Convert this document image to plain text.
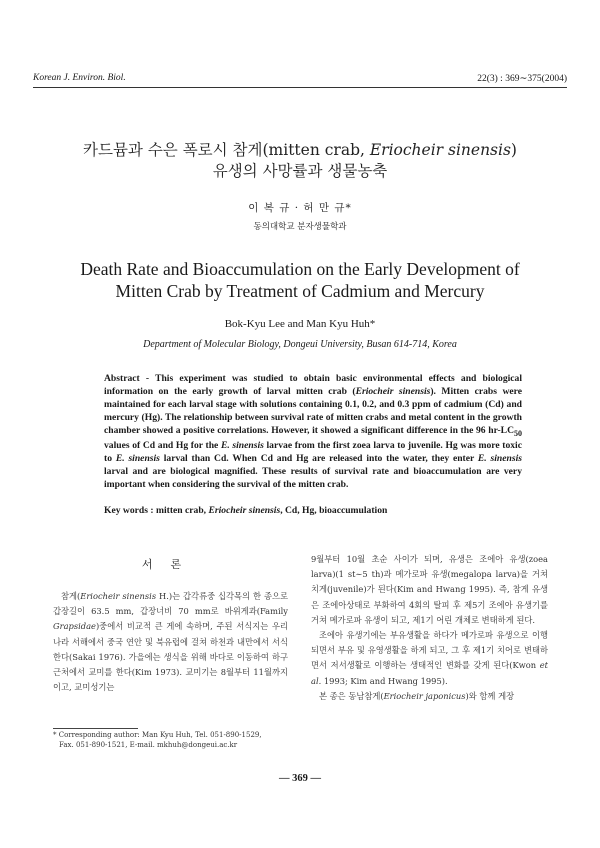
Korean J. Environ. Biol.	22(3) : 369∼375(2004)
카드뮴과 수은 폭로시 참게(mitten crab, Eriocheir sinensis)
유생의 사망률과 생물농축
이 복 규 · 허 만 규*
동의대학교 분자생물학과
Death Rate and Bioaccumulation on the Early Development of
Mitten Crab by Treatment of Cadmium and Mercury
Bok-Kyu Lee and Man Kyu Huh*
Department of Molecular Biology, Dongeui University, Busan 614-714, Korea
Abstract - This experiment was studied to obtain basic environmental effects and biological information on the early growth of larval mitten crab (Eriocheir sinensis). Mitten crabs were maintained for each larval stage with solutions containing 0.1, 0.2, and 0.3 ppm of cadmium (Cd) and mercury (Hg). The relationship between survival rate of mitten crabs and metal content in the growth chamber showed a positive correlations. However, it showed a significant difference in the 96 $hr-LC_{50}$ values of Cd and Hg for the E. sinensis larvae from the first zoea larva to juvenile. Hg was more toxic to E. sinensis larval than Cd. When Cd and Hg are released into the water, they enter E. sinensis larval and are biological magnified. These results of survival rate and bioaccumulation are very important when considering the survival of the mitten crab.
Key words : mitten crab, Eriocheir sinensis, Cd, Hg, bioaccumulation
서론

참게(Eriocheir sinensis H.)는 갑각류중 십각목의 한 종으로 갑장길이 63.5 mm, 갑장너비 70 mm로 바위게과(Family Grapsidae)중에서 비교적 큰 게에 속하며, 주된 서식지는 우리나라 서해에서 중국 연안 및 북유럽에 걸쳐 하천과 내만에서 서식한다(Sakai 1976). 가을에는 생식을 위해 바다로 이동하여 하구 근처에서 교미를 한다(Kim 1973). 교미기는 8월부터 11월까지이고, 교미성기는

9월부터 10월 초순 사이가 되며, 유생은 조에아 유생(zoea larva)(1 st∼5 th)과 메가로파 유생(megalopa larva)을 거쳐 치게(juvenile)가 된다(Kim and Hwang 1995). 즉, 참게 유생은 조에아상태로 부화하여 4회의 탈피 후 제5기 조에아 유생기를 거쳐 메가로파 유생이 되고, 제1기 어린 개체로 변태하게 된다.

조에아 유생기에는 부유생활을 하다가 메가로파 유생으로 이행되면서 부유 및 유영생활을 하게 되고, 그 후 제1기 치어로 변태하면서 저서생활로 이행하는 생태적인 변화를 갖게 된다(Kwon et al. 1993; Kim and Hwang 1995).

본 종은 동남참게(Eriocheir japonicus)와 함께 게장

* Corresponding author: Man Kyu Huh, Tel. 051-890-1529,
Fax. 051-890-1521, E-mail. mkhuh@dongeui.ac.kr
— 369 —
